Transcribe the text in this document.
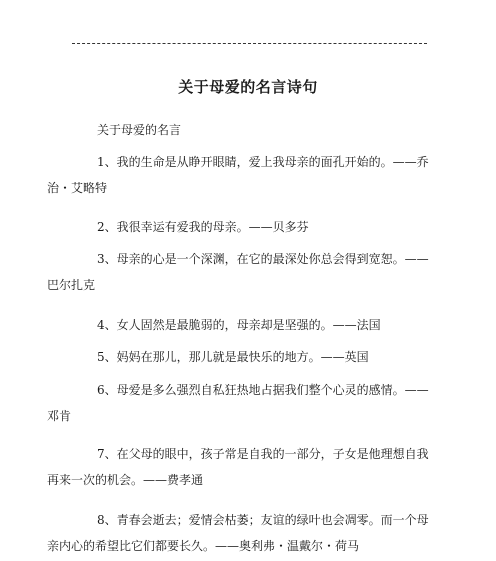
关于母爱的名言诗句
关于母爱的名言
1、我的生命是从睁开眼睛，爱上我母亲的面孔开始的。——乔
治・艾略特
2、我很幸运有爱我的母亲。——贝多芬
3、母亲的心是一个深渊，在它的最深处你总会得到宽恕。——
巴尔扎克
4、女人固然是最脆弱的，母亲却是坚强的。——法国
5、妈妈在那儿，那儿就是最快乐的地方。——英国
6、母爱是多么强烈自私狂热地占据我们整个心灵的感情。——
邓肯
7、在父母的眼中，孩子常是自我的一部分，子女是他理想自我
再来一次的机会。——费孝通
8、青春会逝去；爱情会枯萎；友谊的绿叶也会凋零。而一个母
亲内心的希望比它们都要长久。——奥利弗・温戴尔・荷马
